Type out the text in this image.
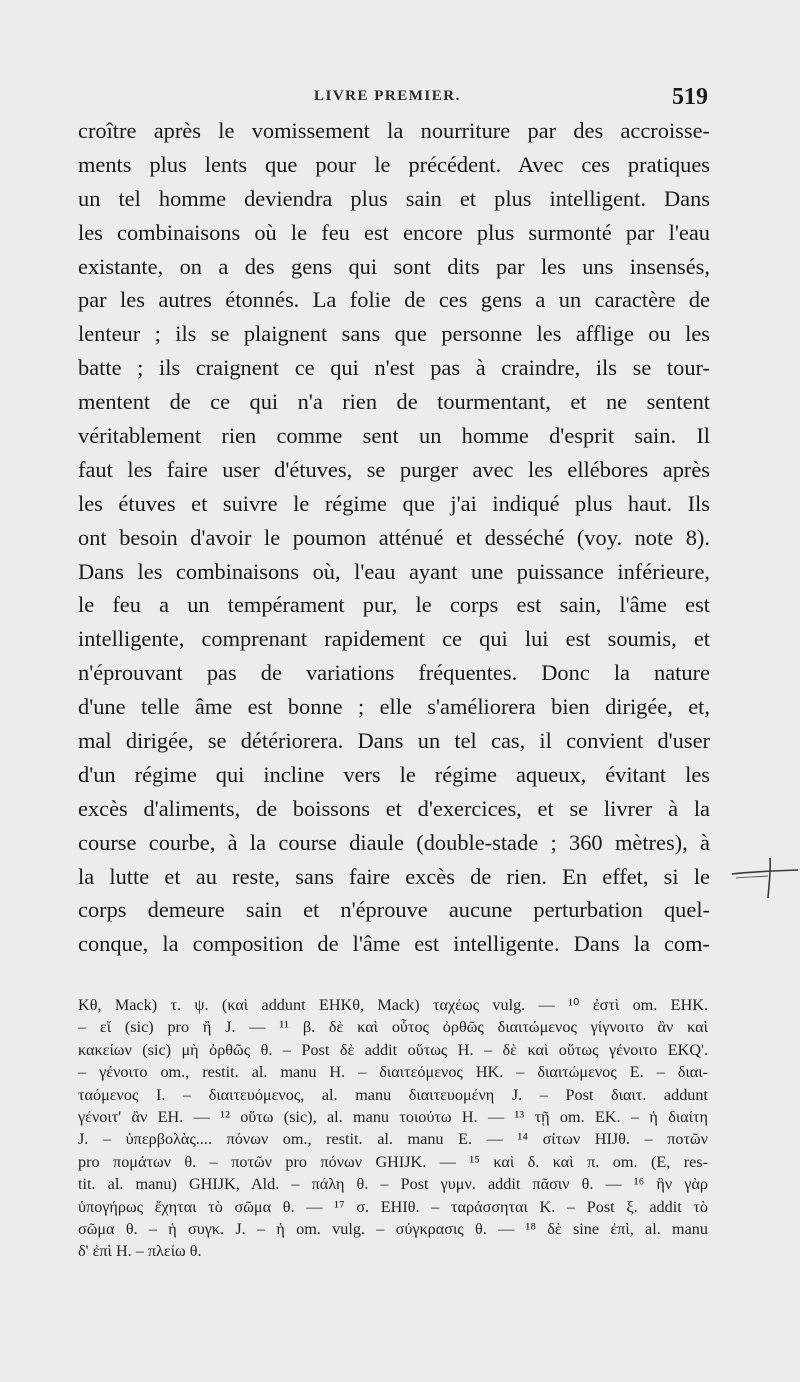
LIVRE PREMIER.	519
croître après le vomissement la nourriture par des accroisse-
ments plus lents que pour le précédent. Avec ces pratiques
un tel homme deviendra plus sain et plus intelligent. Dans
les combinaisons où le feu est encore plus surmonté par l'eau
existante, on a des gens qui sont dits par les uns insensés,
par les autres étonnés. La folie de ces gens a un caractère de
lenteur ; ils se plaignent sans que personne les afflige ou les
batte ; ils craignent ce qui n'est pas à craindre, ils se tour-
mentent de ce qui n'a rien de tourmentant, et ne sentent
véritablement rien comme sent un homme d'esprit sain. Il
faut les faire user d'étuves, se purger avec les ellébores après
les étuves et suivre le régime que j'ai indiqué plus haut. Ils
ont besoin d'avoir le poumon atténué et desséché (voy. note 8).
Dans les combinaisons où, l'eau ayant une puissance inférieure,
le feu a un tempérament pur, le corps est sain, l'âme est
intelligente, comprenant rapidement ce qui lui est soumis, et
n'éprouvant pas de variations fréquentes. Donc la nature
d'une telle âme est bonne ; elle s'améliorera bien dirigée, et,
mal dirigée, se détériorera. Dans un tel cas, il convient d'user
d'un régime qui incline vers le régime aqueux, évitant les
excès d'aliments, de boissons et d'exercices, et se livrer à la
course courbe, à la course diaule (double-stade ; 360 mètres), à
la lutte et au reste, sans faire excès de rien. En effet, si le
corps demeure sain et n'éprouve aucune perturbation quel-
conque, la composition de l'âme est intelligente. Dans la com-
Kθ, Mack) τ. ψ. (καὶ addunt EHKθ, Mack) ταχέως vulg. — ¹⁰ ἐστὶ om. EHK.
– εἴ (sic) pro ἢ J. — ¹¹ β. δὲ καὶ οὗτος ὀρθῶς διαιτώμενος γίγνοιτο ἂν καὶ
κακείων (sic) μὴ ὀρθῶς θ. – Post δὲ addit οὕτως H. – δὲ καὶ οὕτως γένοιτο EKQ'.
– γένοιτο om., restit. al. manu H. – διαιτεόμενος HK. – διαιτώμενος E. – διαι-
ταόμενος I. – διαιτευόμενος, al. manu διαιτευομένη J. – Post διαιτ. addunt
γένοιτ' ἂν EH. — ¹² οὕτω (sic), al. manu τοιούτω H. — ¹³ τῇ om. EK. – ἡ διαίτη
J. – ὑπερβολὰς.... πόνων om., restit. al. manu E. — ¹⁴ σίτων HIJθ. – ποτῶν
pro πομάτων θ. – ποτῶν pro πόνων GHIJK. — ¹⁵ καὶ δ. καὶ π. om. (E, res-
tit. al. manu) GHIJK, Ald. – πάλη θ. – Post γυμν. addit πᾶσιν θ. — ¹⁶ ἣν γὰρ
ὑπογήρως ἔχηται τὸ σῶμα θ. — ¹⁷ σ. EHIθ. – ταράσσηται K. – Post ξ. addit τὸ
σῶμα θ. – ἡ συγκ. J. – ἡ om. vulg. – σύγκρασις θ. — ¹⁸ δὲ sine ἐπὶ, al. manu
δ' ἐπὶ H. – πλείω θ.
